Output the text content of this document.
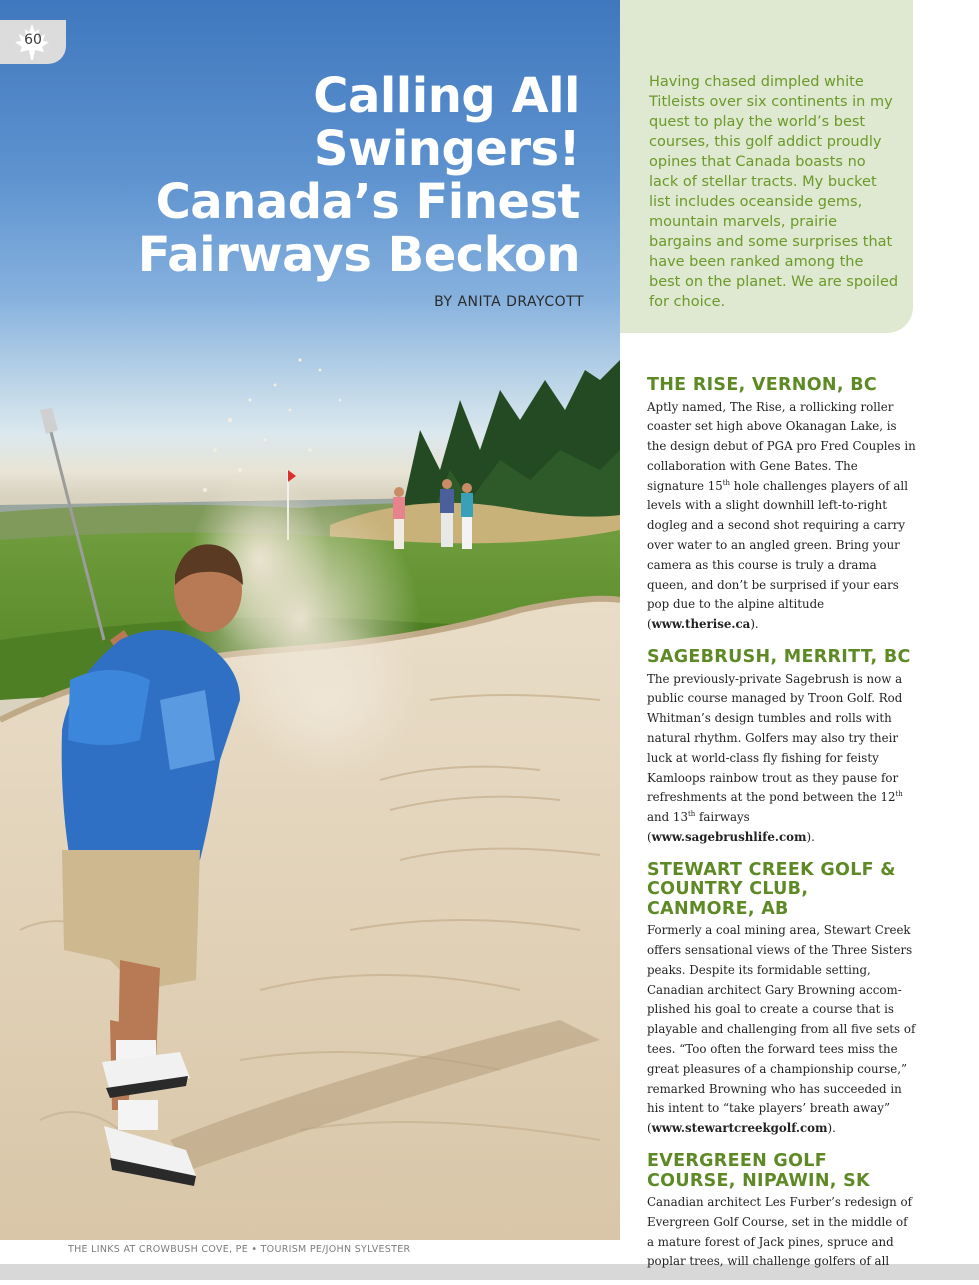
60
Calling All
Swingers!
Canada’s Finest
Fairways Beckon
BY ANITA DRAYCOTT
THE LINKS AT CROWBUSH COVE, PE • TOURISM PE/JOHN SYLVESTER

Having chased dimpled white Titleists over six continents in my quest to play the world’s best courses, this golf addict proudly opines that Canada boasts no lack of stellar tracts. My bucket list includes oceanside gems, mountain marvels, prairie bargains and some surprises that have been ranked among the best on the planet. We are spoiled for choice.

THE RISE, VERNON, BC

Aptly named, The Rise, a rollicking roller coaster set high above Okanagan Lake, is the design debut of PGA pro Fred Couples in collaboration with Gene Bates. The signature 15th hole challenges players of all levels with a slight downhill left-to-right dogleg and a second shot requiring a carry over water to an angled green. Bring your camera as this course is truly a drama queen, and don’t be surprised if your ears pop due to the alpine altitude (www.therise.ca).

SAGEBRUSH, MERRITT, BC

The previously-private Sagebrush is now a public course managed by Troon Golf. Rod Whitman’s design tumbles and rolls with natural rhythm. Golfers may also try their luck at world-class fly fishing for feisty Kamloops rainbow trout as they pause for refreshments at the pond between the 12th and 13th fairways (www.sagebrushlife.com).

STEWART CREEK GOLF & COUNTRY CLUB, CANMORE, AB

Formerly a coal mining area, Stewart Creek offers sensational views of the Three Sisters peaks. Despite its formidable setting, Canadian architect Gary Browning accomplished his goal to create a course that is playable and challenging from all five sets of tees. “Too often the forward tees miss the great pleasures of a championship course,” remarked Browning who has succeeded in his intent to “take players’ breath away” (www.stewartcreekgolf.com).

EVERGREEN GOLF COURSE, NIPAWIN, SK

Canadian architect Les Furber’s redesign of Evergreen Golf Course, set in the middle of a mature forest of Jack pines, spruce and poplar trees, will challenge golfers of all
